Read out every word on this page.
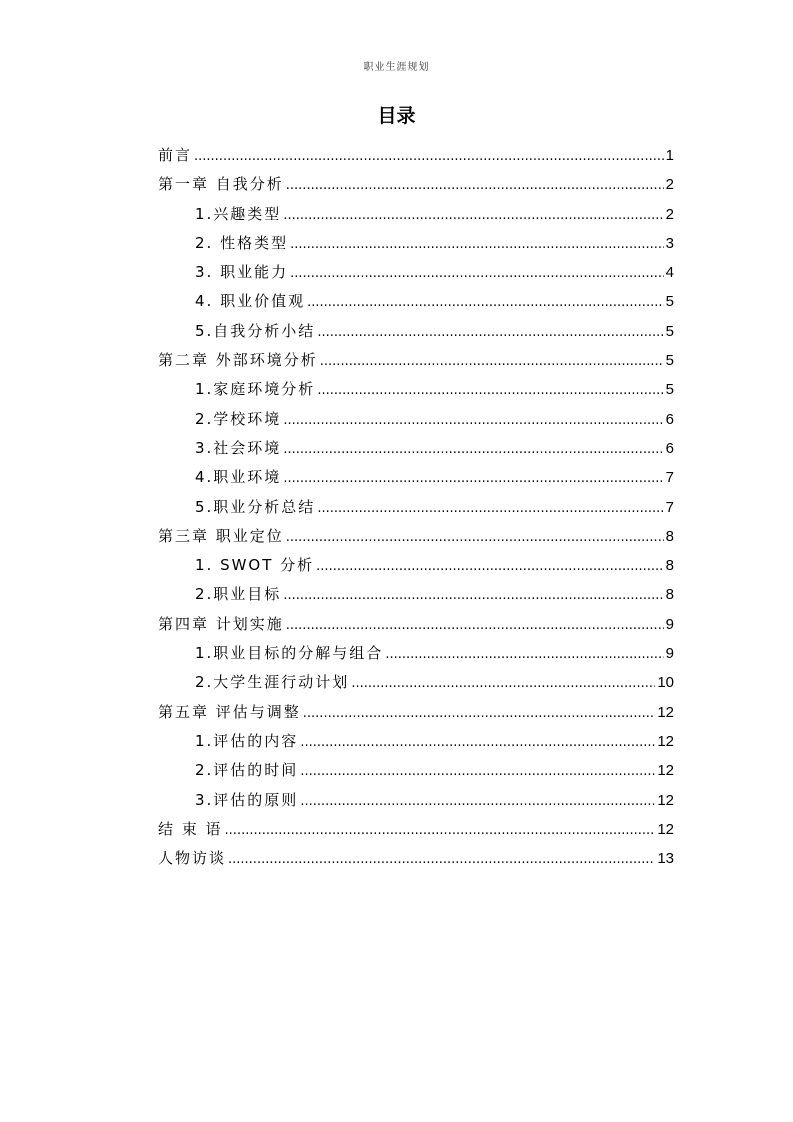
职业生涯规划
目录
前言 .....	1
第一章 自我分析 .....	2
1.兴趣类型 .....	2
2. 性格类型 .....	3
3. 职业能力 .....	4
4. 职业价值观 .....	5
5.自我分析小结 .....	5
第二章 外部环境分析 .....	5
1.家庭环境分析 .....	5
2.学校环境 .....	6
3.社会环境 .....	6
4.职业环境 .....	7
5.职业分析总结 .....	7
第三章 职业定位 .....	8
1. SWOT 分析 .....	8
2.职业目标 .....	8
第四章 计划实施 .....	9
1.职业目标的分解与组合 .....	9
2.大学生涯行动计划 .....	10
第五章 评估与调整 .....	12
1.评估的内容 .....	12
2.评估的时间 .....	12
3.评估的原则 .....	12
结 束 语 .....	12
人物访谈 .....	13
